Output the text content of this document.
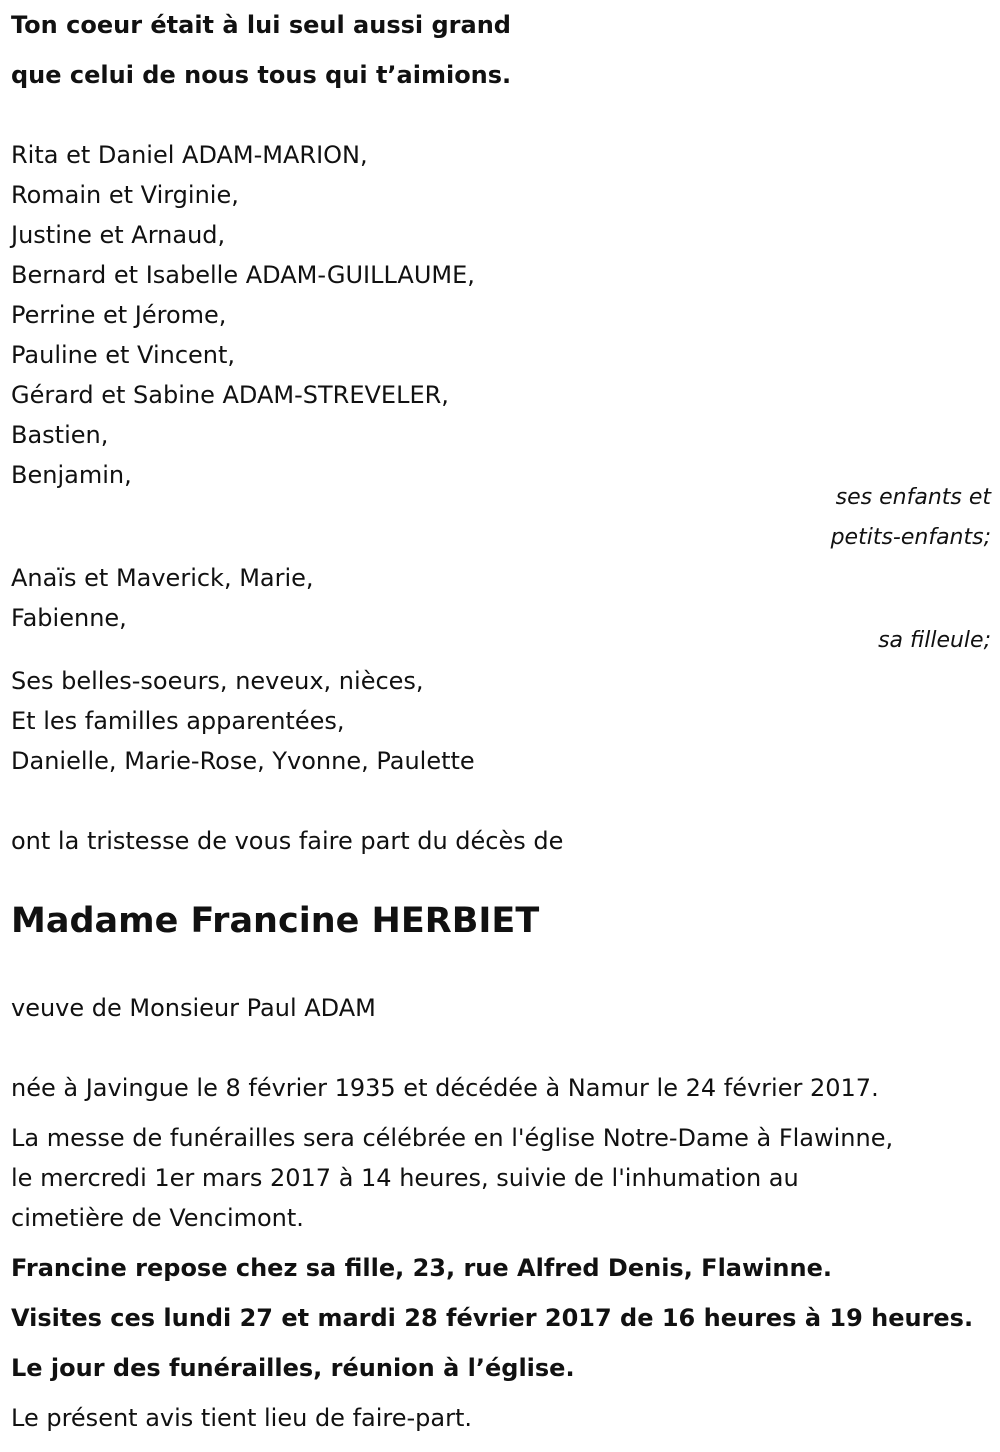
Ton coeur était à lui seul aussi grand
que celui de nous tous qui t’aimions.
Rita et Daniel ADAM-MARION,
Romain et Virginie,
Justine et Arnaud,
Bernard et Isabelle ADAM-GUILLAUME,
Perrine et Jérome,
Pauline et Vincent,
Gérard et Sabine ADAM-STREVELER,
Bastien,
Benjamin,
ses enfants et
petits-enfants;
Anaïs et Maverick, Marie,
Fabienne,
sa filleule;
Ses belles-soeurs, neveux, nièces,
Et les familles apparentées,
Danielle, Marie-Rose, Yvonne, Paulette
ont la tristesse de vous faire part du décès de
Madame Francine HERBIET
veuve de Monsieur Paul ADAM
née à Javingue le 8 février 1935 et décédée à Namur le 24 février 2017.
La messe de funérailles sera célébrée en l'église Notre-Dame à Flawinne,
le mercredi 1er mars 2017 à 14 heures, suivie de l'inhumation au
cimetière de Vencimont.
Francine repose chez sa fille, 23, rue Alfred Denis, Flawinne.
Visites ces lundi 27 et mardi 28 février 2017 de 16 heures à 19 heures.
Le jour des funérailles, réunion à l’église.
Le présent avis tient lieu de faire-part.
